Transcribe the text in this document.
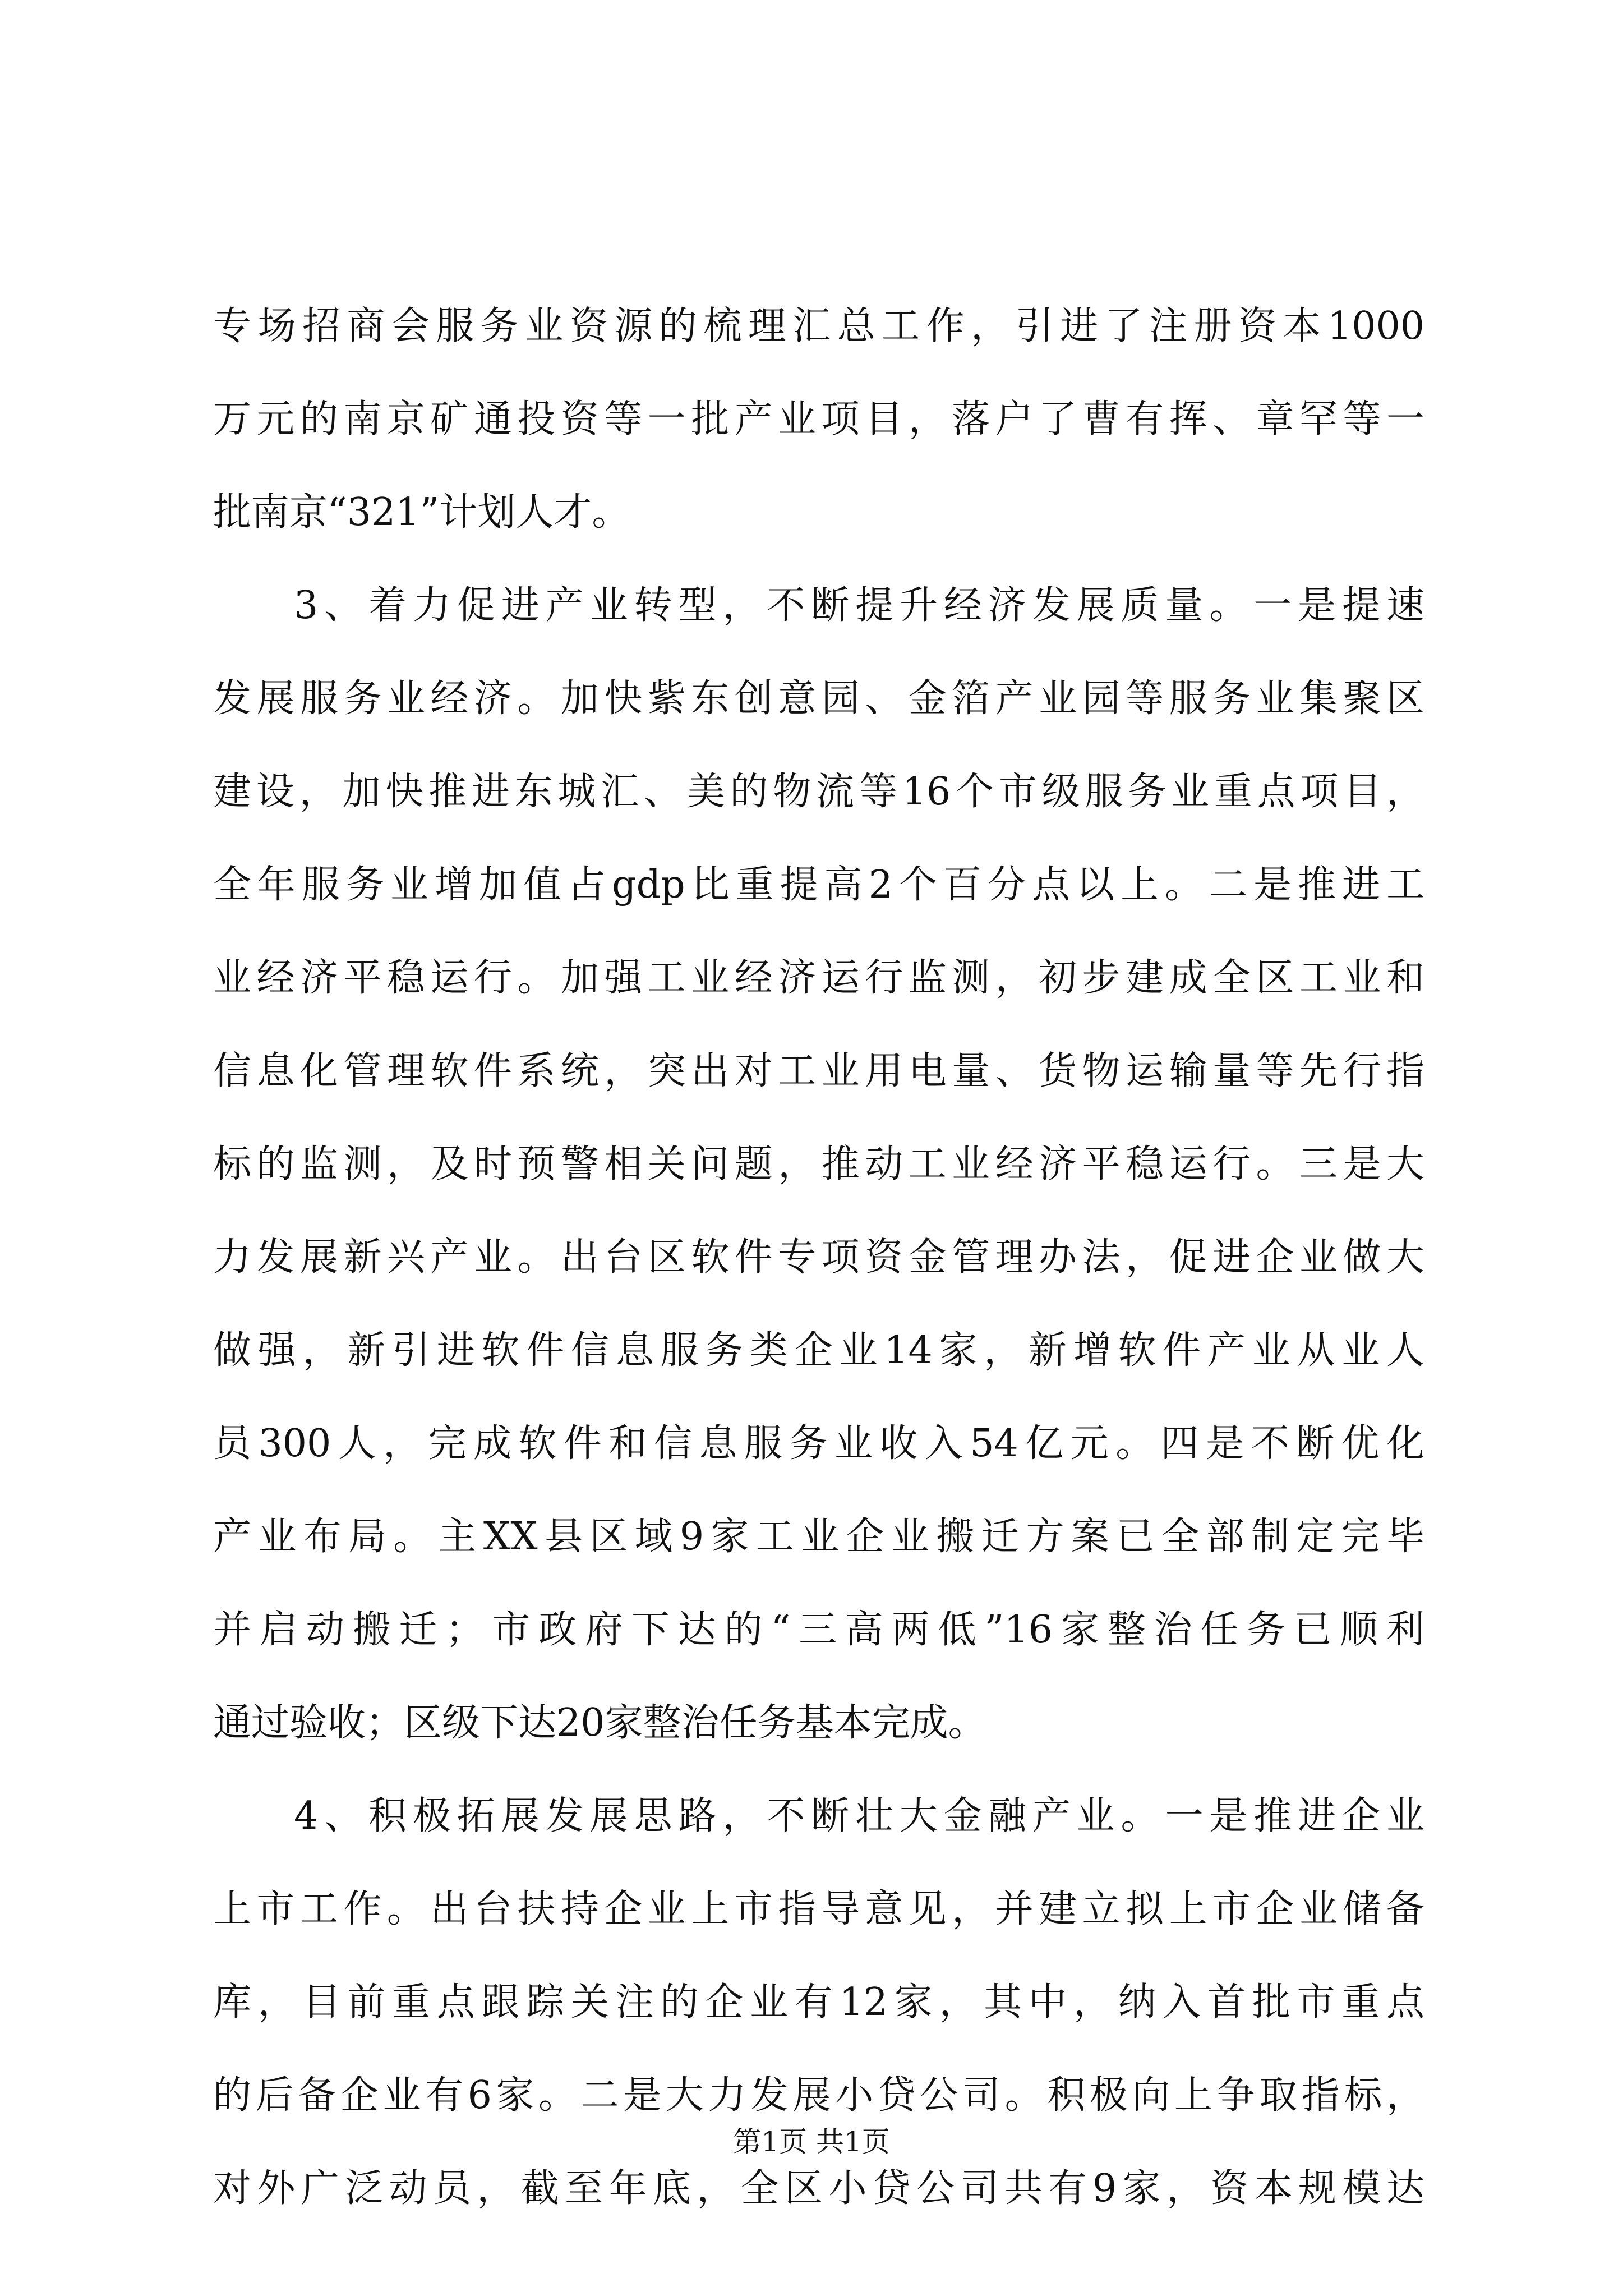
专场招商会服务业资源的梳理汇总工作，引进了注册资本1000
万元的南京矿通投资等一批产业项目，落户了曹有挥、章罕等一
批南京“321”计划人才。
3、着力促进产业转型，不断提升经济发展质量。一是提速
发展服务业经济。加快紫东创意园、金箔产业园等服务业集聚区
建设，加快推进东城汇、美的物流等16个市级服务业重点项目，
全年服务业增加值占gdp比重提高2个百分点以上。二是推进工
业经济平稳运行。加强工业经济运行监测，初步建成全区工业和
信息化管理软件系统，突出对工业用电量、货物运输量等先行指
标的监测，及时预警相关问题，推动工业经济平稳运行。三是大
力发展新兴产业。出台区软件专项资金管理办法，促进企业做大
做强，新引进软件信息服务类企业14家，新增软件产业从业人
员300人，完成软件和信息服务业收入54亿元。四是不断优化
产业布局。主XX县区域9家工业企业搬迁方案已全部制定完毕
并启动搬迁；市政府下达的“三高两低”16家整治任务已顺利
通过验收；区级下达20家整治任务基本完成。
4、积极拓展发展思路，不断壮大金融产业。一是推进企业
上市工作。出台扶持企业上市指导意见，并建立拟上市企业储备
库，目前重点跟踪关注的企业有12家，其中，纳入首批市重点
的后备企业有6家。二是大力发展小贷公司。积极向上争取指标，
对外广泛动员，截至年底，全区小贷公司共有9家，资本规模达
第1页 共1页
